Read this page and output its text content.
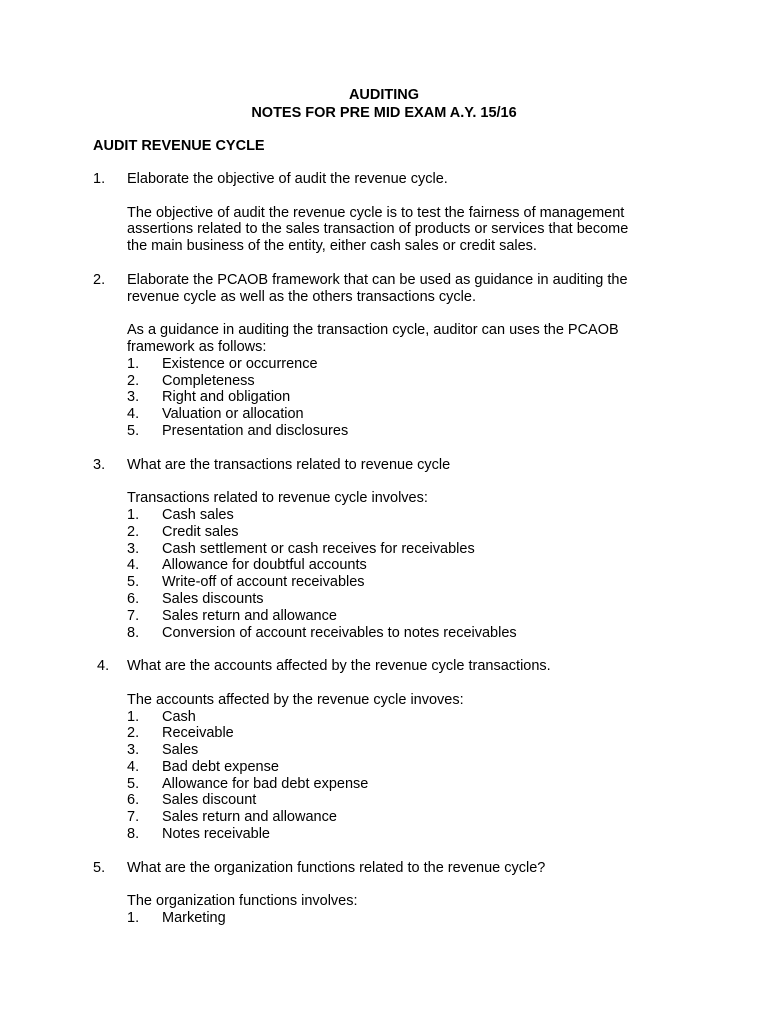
AUDITING
NOTES FOR PRE MID EXAM A.Y. 15/16
AUDIT REVENUE CYCLE
1.	Elaborate the objective of audit the revenue cycle.

The objective of audit the revenue cycle is to test the fairness of management

assertions related to the sales transaction of products or services that become

the main business of the entity, either cash sales or credit sales.

2.	Elaborate the PCAOB framework that can be used as guidance in auditing the
revenue cycle as well as the others transactions cycle.

As a guidance in auditing the transaction cycle, auditor can uses the PCAOB

framework as follows:

1. Existence or occurrence
2. Completeness
3. Right and obligation
4. Valuation or allocation
5. Presentation and disclosures
3.	What are the transactions related to revenue cycle

Transactions related to revenue cycle involves:

1. Cash sales
2. Credit sales
3. Cash settlement or cash receives for receivables
4. Allowance for doubtful accounts
5. Write-off of account receivables
6. Sales discounts
7. Sales return and allowance
8. Conversion of account receivables to notes receivables
4.	What are the accounts affected by the revenue cycle transactions.

The accounts affected by the revenue cycle invoves:

1. Cash
2. Receivable
3. Sales
4. Bad debt expense
5. Allowance for bad debt expense
6. Sales discount
7. Sales return and allowance
8. Notes receivable
5.	What are the organization functions related to the revenue cycle?

The organization functions involves:

1. Marketing
